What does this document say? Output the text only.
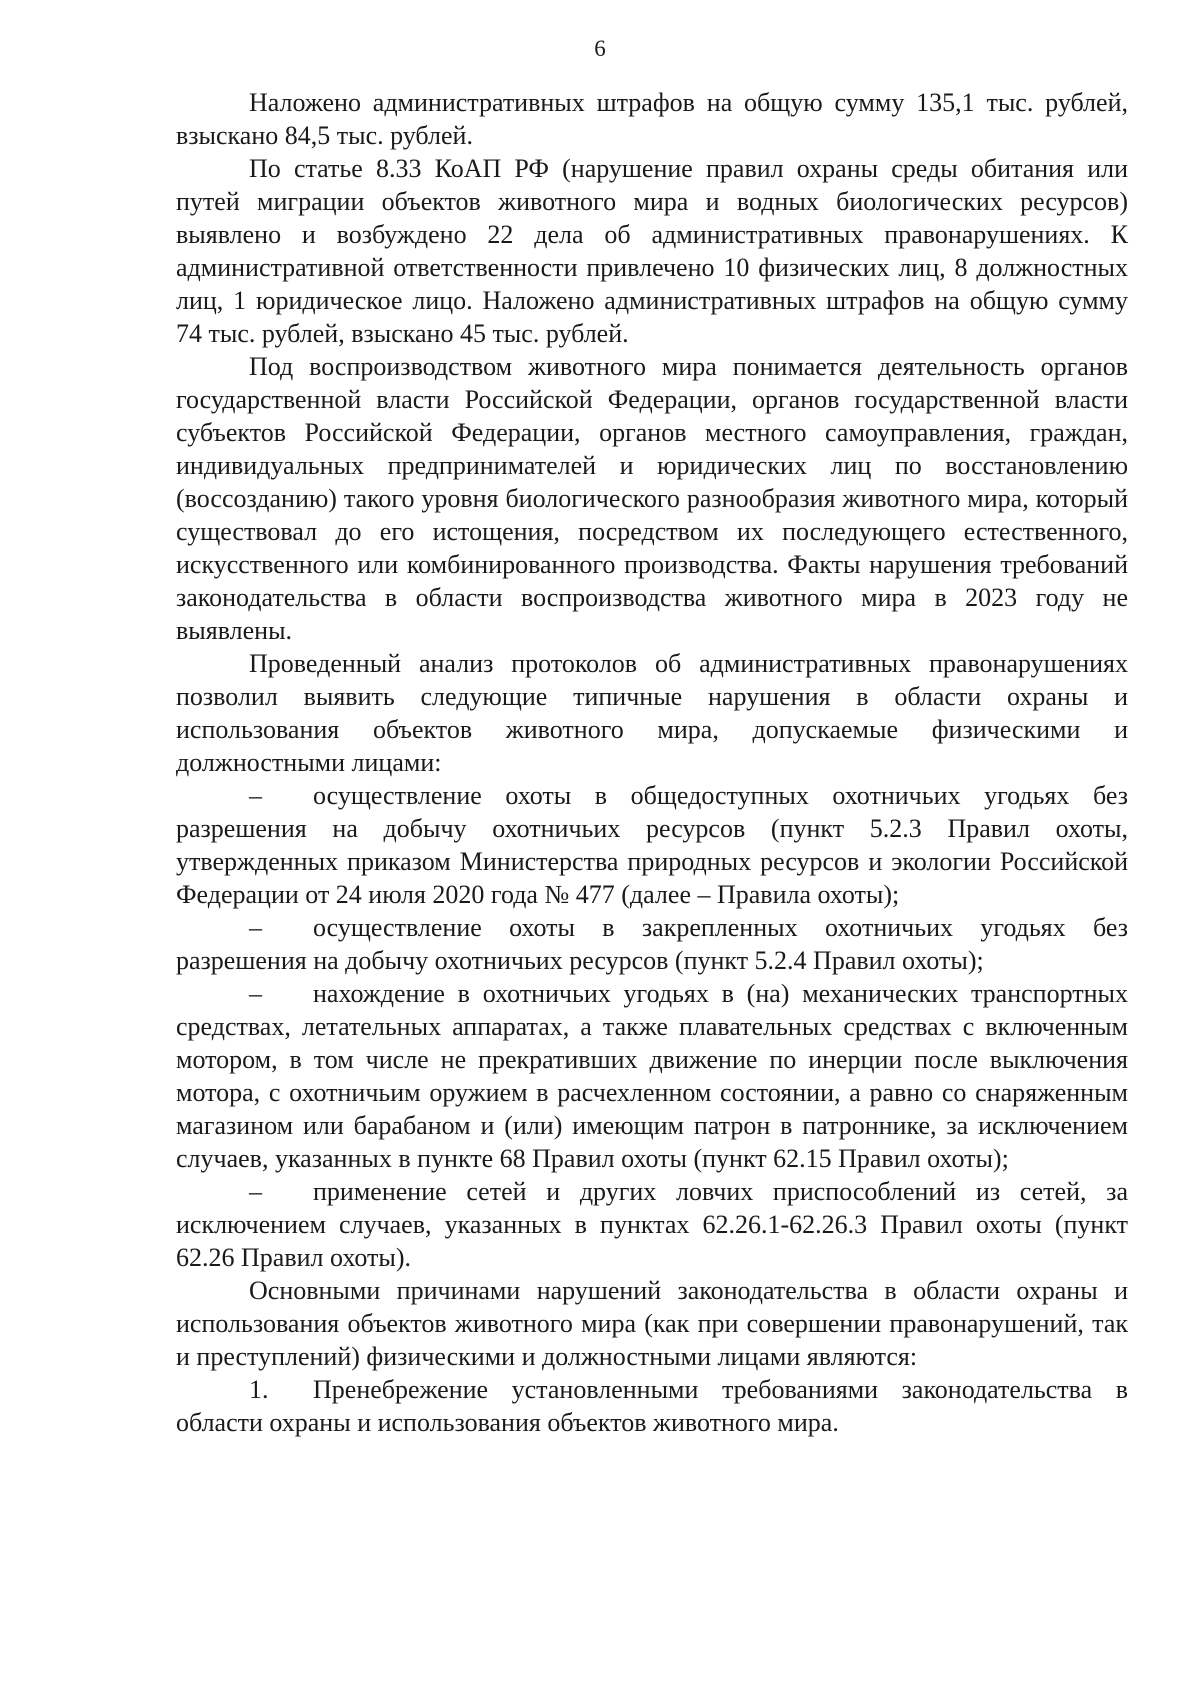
6

Наложено административных штрафов на общую сумму 135,1 тыс. рублей, взыскано 84,5 тыс. рублей.

По статье 8.33 КоАП РФ (нарушение правил охраны среды обитания или путей миграции объектов животного мира и водных биологических ресурсов) выявлено и возбуждено 22 дела об административных правонарушениях. К административной ответственности привлечено 10 физических лиц, 8 должностных лиц, 1 юридическое лицо. Наложено административных штрафов на общую сумму 74 тыс. рублей, взыскано 45 тыс. рублей.

Под воспроизводством животного мира понимается деятельность органов государственной власти Российской Федерации, органов государственной власти субъектов Российской Федерации, органов местного самоуправления, граждан, индивидуальных предпринимателей и юридических лиц по восстановлению (воссозданию) такого уровня биологического разнообразия животного мира, который существовал до его истощения, посредством их последующего естественного, искусственного или комбинированного производства. Факты нарушения требований законодательства в области воспроизводства животного мира в 2023 году не выявлены.

Проведенный анализ протоколов об административных правонарушениях позволил выявить следующие типичные нарушения в области охраны и использования объектов животного мира, допускаемые физическими и должностными лицами:

– осуществление охоты в общедоступных охотничьих угодьях без разрешения на добычу охотничьих ресурсов (пункт 5.2.3 Правил охоты, утвержденных приказом Министерства природных ресурсов и экологии Российской Федерации от 24 июля 2020 года № 477 (далее – Правила охоты);

– осуществление охоты в закрепленных охотничьих угодьях без разрешения на добычу охотничьих ресурсов (пункт 5.2.4 Правил охоты);

– нахождение в охотничьих угодьях в (на) механических транспортных средствах, летательных аппаратах, а также плавательных средствах с включенным мотором, в том числе не прекративших движение по инерции после выключения мотора, с охотничьим оружием в расчехленном состоянии, а равно со снаряженным магазином или барабаном и (или) имеющим патрон в патроннике, за исключением случаев, указанных в пункте 68 Правил охоты (пункт 62.15 Правил охоты);

– применение сетей и других ловчих приспособлений из сетей, за исключением случаев, указанных в пунктах 62.26.1-62.26.3 Правил охоты (пункт 62.26 Правил охоты).

Основными причинами нарушений законодательства в области охраны и использования объектов животного мира (как при совершении правонарушений, так и преступлений) физическими и должностными лицами являются:

1. Пренебрежение установленными требованиями законодательства в области охраны и использования объектов животного мира.
